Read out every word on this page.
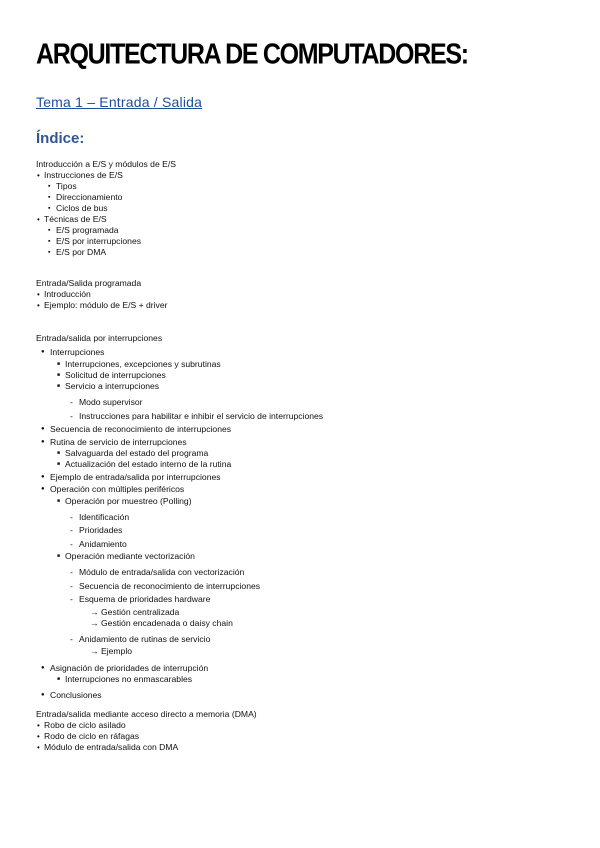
ARQUITECTURA DE COMPUTADORES:
Tema 1 – Entrada / Salida
Índice:
Introducción a E/S y módulos de E/S
• Instrucciones de E/S
▪ Tipos
▪ Direccionamiento
▪ Ciclos de bus
• Técnicas de E/S
▪ E/S programada
▪ E/S por interrupciones
▪ E/S por DMA
Entrada/Salida programada
• Introducción
• Ejemplo: módulo de E/S + driver
Entrada/salida por interrupciones
● Interrupciones
■ Interrupciones, excepciones y subrutinas
■ Solicitud de interrupciones
■ Servicio a interrupciones
- Modo supervisor
- Instrucciones para habilitar e inhibir el servicio de interrupciones
● Secuencia de reconocimiento de interrupciones
● Rutina de servicio de interrupciones
■ Salvaguarda del estado del programa
■ Actualización del estado interno de la rutina
● Ejemplo de entrada/salida por interrupciones
● Operación con múltiples periféricos
■ Operación por muestreo (Polling)
- Identificación
- Prioridades
- Anidamiento
■ Operación mediante vectorización
- Módulo de entrada/salida con vectorización
- Secuencia de reconocimiento de interrupciones
- Esquema de prioridades hardware
→ Gestión centralizada
→ Gestión encadenada o daisy chain
- Anidamiento de rutinas de servicio
→ Ejemplo
● Asignación de prioridades de interrupción
■ Interrupciones no enmascarables
● Conclusiones
Entrada/salida mediante acceso directo a memoria (DMA)
• Robo de ciclo asilado
• Rodo de ciclo en ráfagas
• Módulo de entrada/salida con DMA
